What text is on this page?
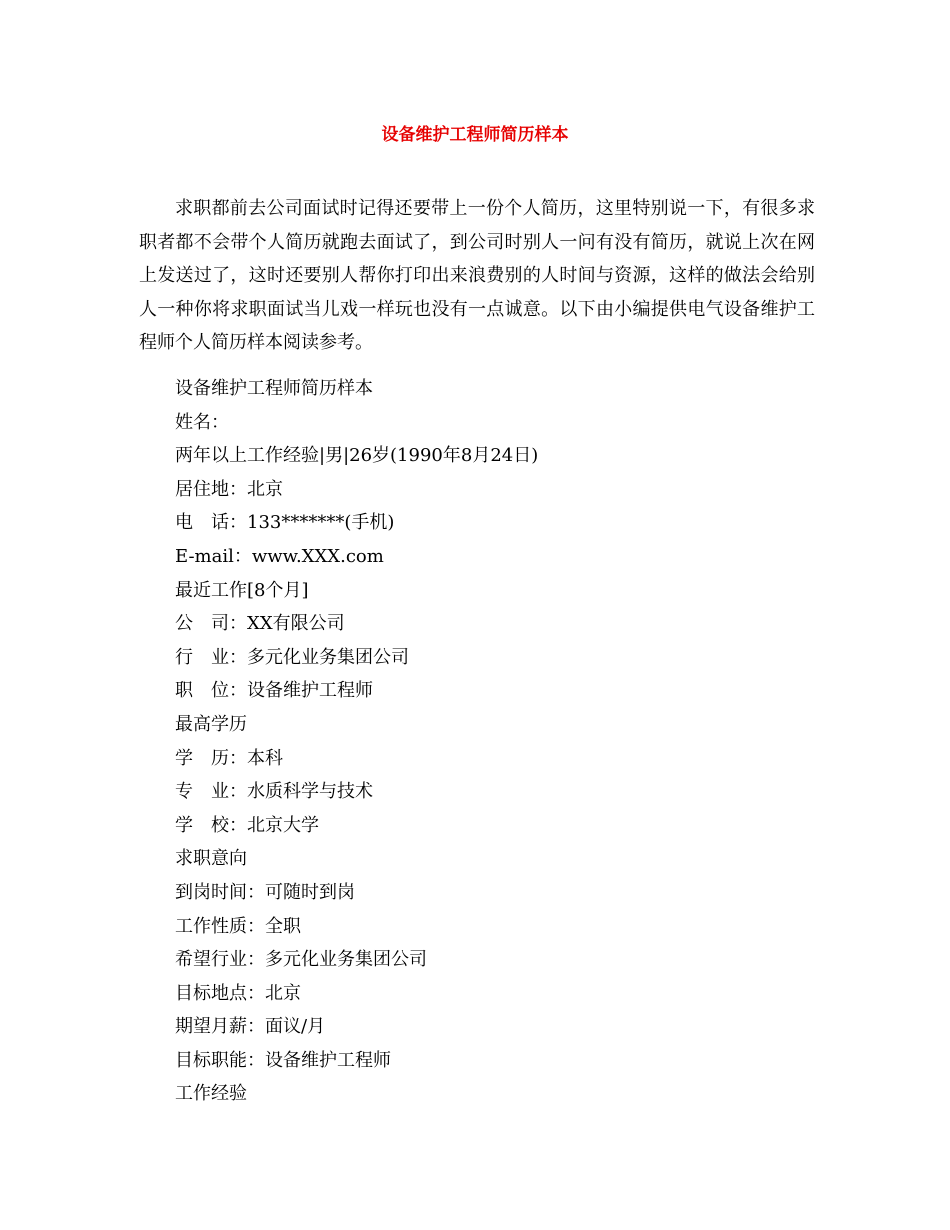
设备维护工程师简历样本

求职都前去公司面试时记得还要带上一份个人简历，这里特别说一下，有很多求职者都不会带个人简历就跑去面试了，到公司时别人一问有没有简历，就说上次在网上发送过了，这时还要别人帮你打印出来浪费别的人时间与资源，这样的做法会给别人一种你将求职面试当儿戏一样玩也没有一点诚意。以下由小编提供电气设备维护工程师个人简历样本阅读参考。

设备维护工程师简历样本
姓名：
两年以上工作经验|男|26岁(1990年8月24日)
居住地：北京
电　话：133*******(手机)
E-mail：www.XXX.com
最近工作[8个月]
公　司：XX有限公司
行　业：多元化业务集团公司
职　位：设备维护工程师
最高学历
学　历：本科
专　业：水质科学与技术
学　校：北京大学
求职意向
到岗时间：可随时到岗
工作性质：全职
希望行业：多元化业务集团公司
目标地点：北京
期望月薪：面议/月
目标职能：设备维护工程师
工作经验
